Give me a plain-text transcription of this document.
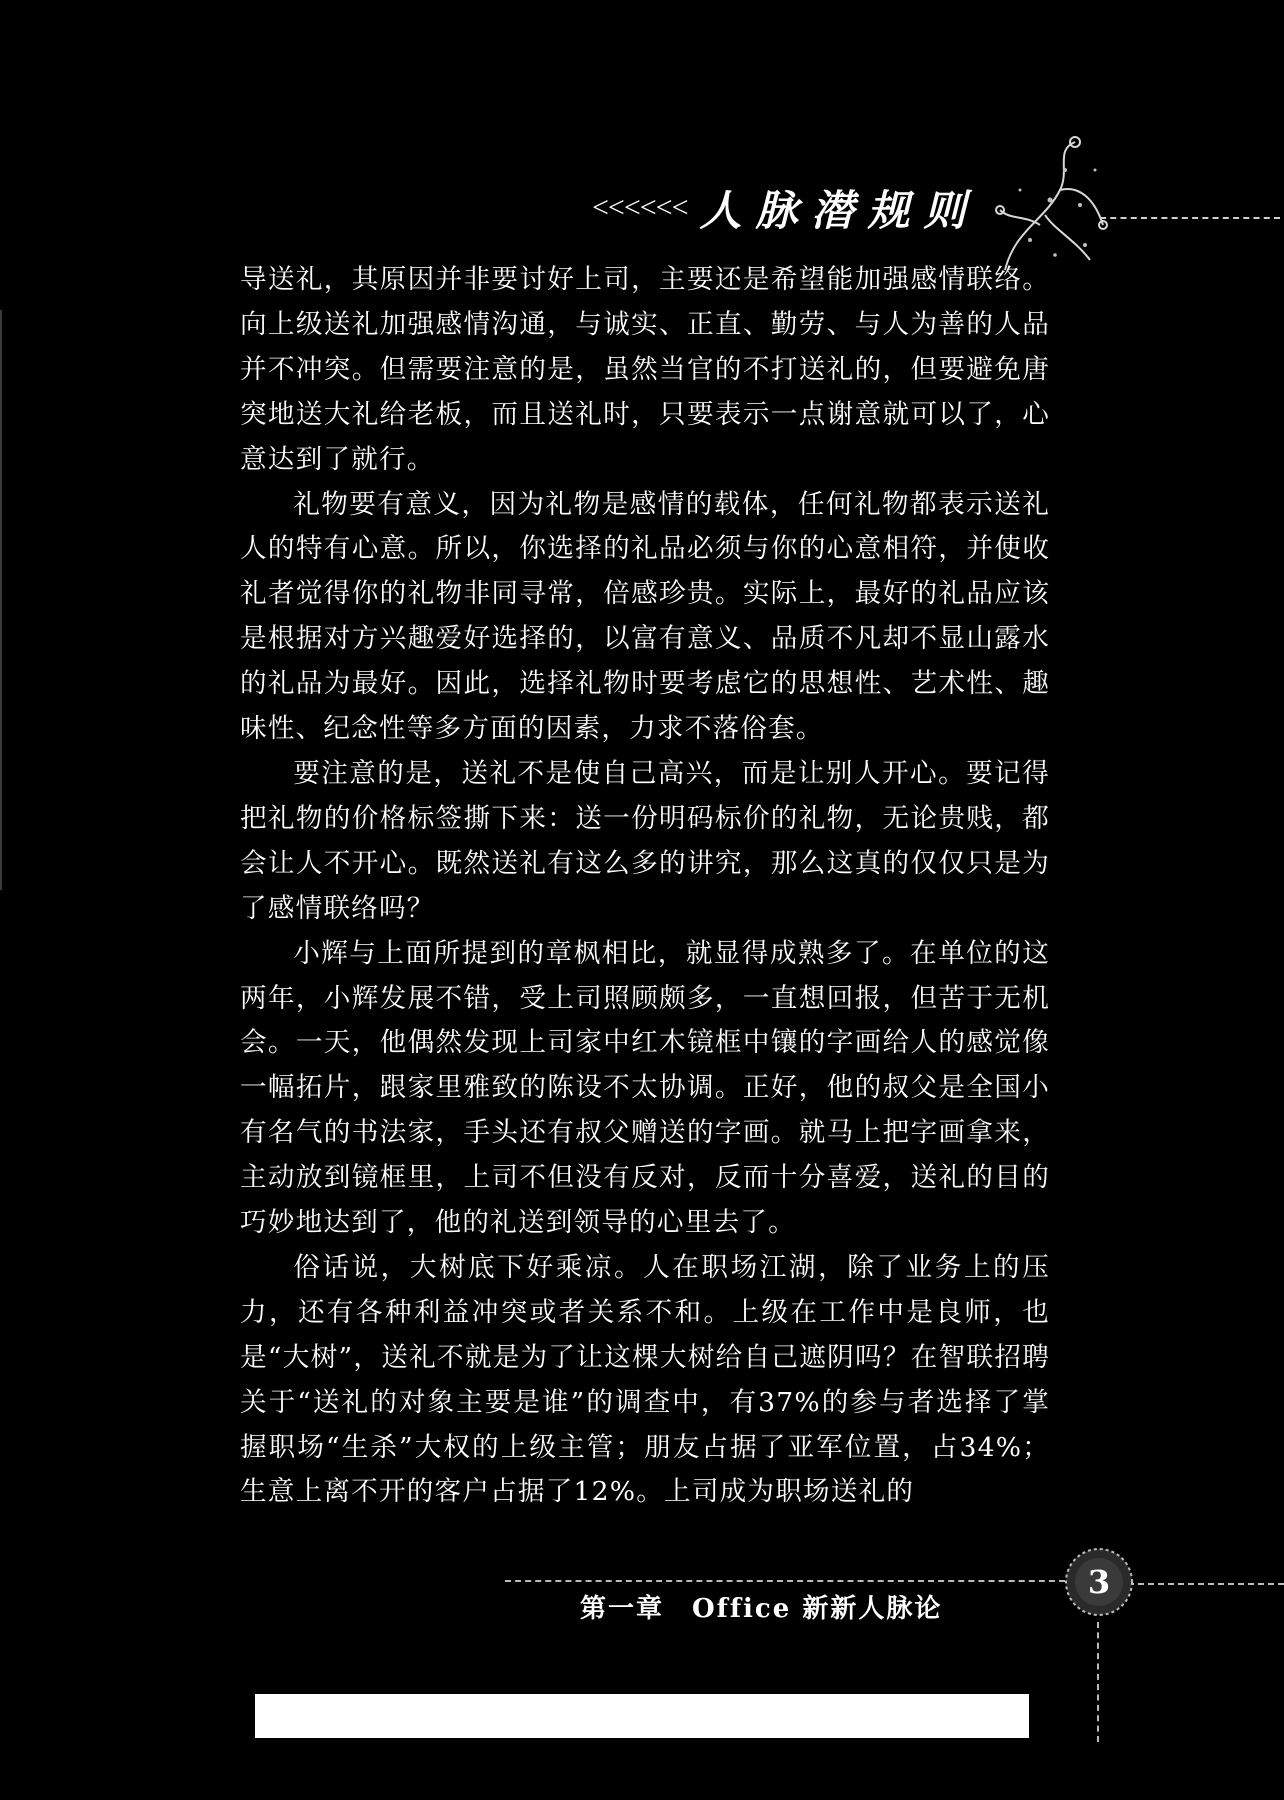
<<<<<< 人脉潜规则

导送礼，其原因并非要讨好上司，主要还是希望能加强感情联络。向上级送礼加强感情沟通，与诚实、正直、勤劳、与人为善的人品并不冲突。但需要注意的是，虽然当官的不打送礼的，但要避免唐突地送大礼给老板，而且送礼时，只要表示一点谢意就可以了，心意达到了就行。

礼物要有意义，因为礼物是感情的载体，任何礼物都表示送礼人的特有心意。所以，你选择的礼品必须与你的心意相符，并使收礼者觉得你的礼物非同寻常，倍感珍贵。实际上，最好的礼品应该是根据对方兴趣爱好选择的，以富有意义、品质不凡却不显山露水的礼品为最好。因此，选择礼物时要考虑它的思想性、艺术性、趣味性、纪念性等多方面的因素，力求不落俗套。

要注意的是，送礼不是使自己高兴，而是让别人开心。要记得把礼物的价格标签撕下来：送一份明码标价的礼物，无论贵贱，都会让人不开心。既然送礼有这么多的讲究，那么这真的仅仅只是为了感情联络吗？

小辉与上面所提到的章枫相比，就显得成熟多了。在单位的这两年，小辉发展不错，受上司照顾颇多，一直想回报，但苦于无机会。一天，他偶然发现上司家中红木镜框中镶的字画给人的感觉像一幅拓片，跟家里雅致的陈设不太协调。正好，他的叔父是全国小有名气的书法家，手头还有叔父赠送的字画。就马上把字画拿来，主动放到镜框里，上司不但没有反对，反而十分喜爱，送礼的目的巧妙地达到了，他的礼送到领导的心里去了。

俗话说，大树底下好乘凉。人在职场江湖，除了业务上的压力，还有各种利益冲突或者关系不和。上级在工作中是良师，也是“大树”，送礼不就是为了让这棵大树给自己遮阴吗？在智联招聘关于“送礼的对象主要是谁”的调查中，有37%的参与者选择了掌握职场“生杀”大权的上级主管；朋友占据了亚军位置，占34%；生意上离不开的客户占据了12%。上司成为职场送礼的

3
第一章　Office 新新人脉论
